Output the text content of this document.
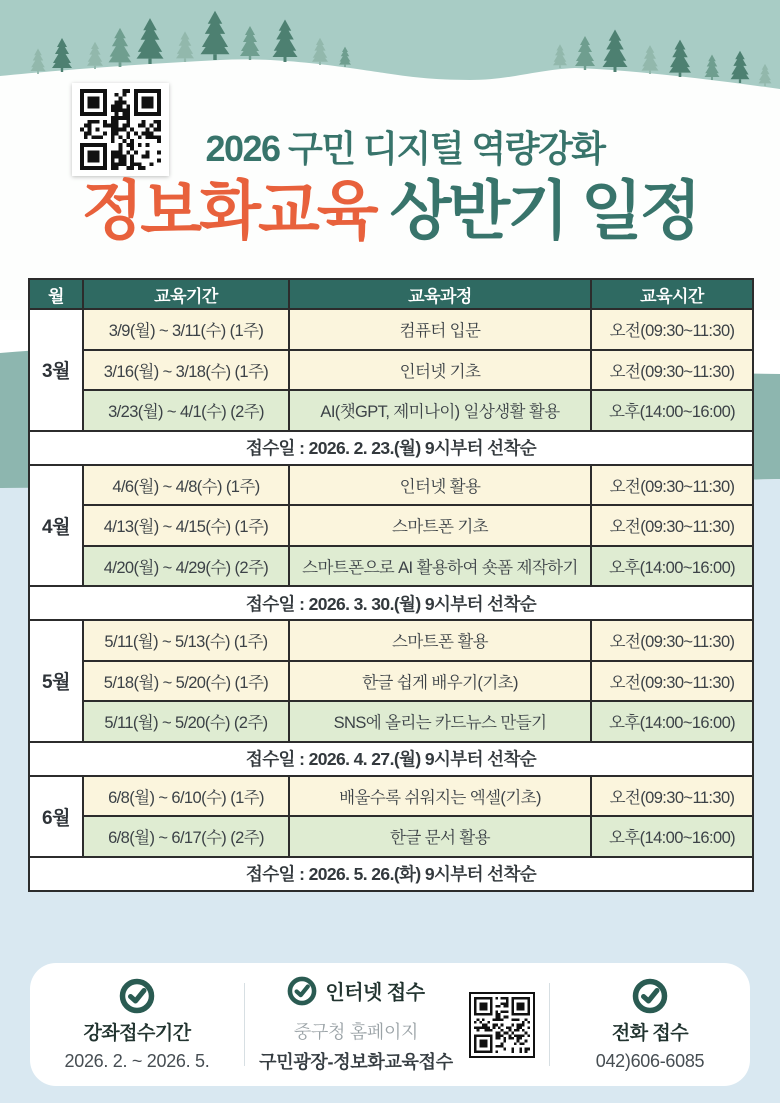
2026 구민 디지털 역량강화
정보화교육 상반기 일정
월	교육기간	교육과정	교육시간
3월	3/9(월) ~ 3/11(수) (1주)	컴퓨터 입문	오전(09:30~11:30)
	3/16(월) ~ 3/18(수) (1주)	인터넷 기초	오전(09:30~11:30)
	3/23(월) ~ 4/1(수) (2주)	AI(챗GPT, 제미나이) 일상생활 활용	오후(14:00~16:00)
접수일 : 2026. 2. 23.(월) 9시부터 선착순			
4월	4/6(월) ~ 4/8(수) (1주)	인터넷 활용	오전(09:30~11:30)
	4/13(월) ~ 4/15(수) (1주)	스마트폰 기초	오전(09:30~11:30)
	4/20(월) ~ 4/29(수) (2주)	스마트폰으로 AI 활용하여 숏폼 제작하기	오후(14:00~16:00)
접수일 : 2026. 3. 30.(월) 9시부터 선착순			
5월	5/11(월) ~ 5/13(수) (1주)	스마트폰 활용	오전(09:30~11:30)
	5/18(월) ~ 5/20(수) (1주)	한글 쉽게 배우기(기초)	오전(09:30~11:30)
	5/11(월) ~ 5/20(수) (2주)	SNS에 올리는 카드뉴스 만들기	오후(14:00~16:00)
접수일 : 2026. 4. 27.(월) 9시부터 선착순			
6월	6/8(월) ~ 6/10(수) (1주)	배울수록 쉬워지는 엑셀(기초)	오전(09:30~11:30)
	6/8(월) ~ 6/17(수) (2주)	한글 문서 활용	오후(14:00~16:00)
접수일 : 2026. 5. 26.(화) 9시부터 선착순			
강좌접수기간
2026. 2. ~ 2026. 5.
인터넷 접수
중구청 홈페이지
구민광장-정보화교육접수
전화 접수
042)606-6085
